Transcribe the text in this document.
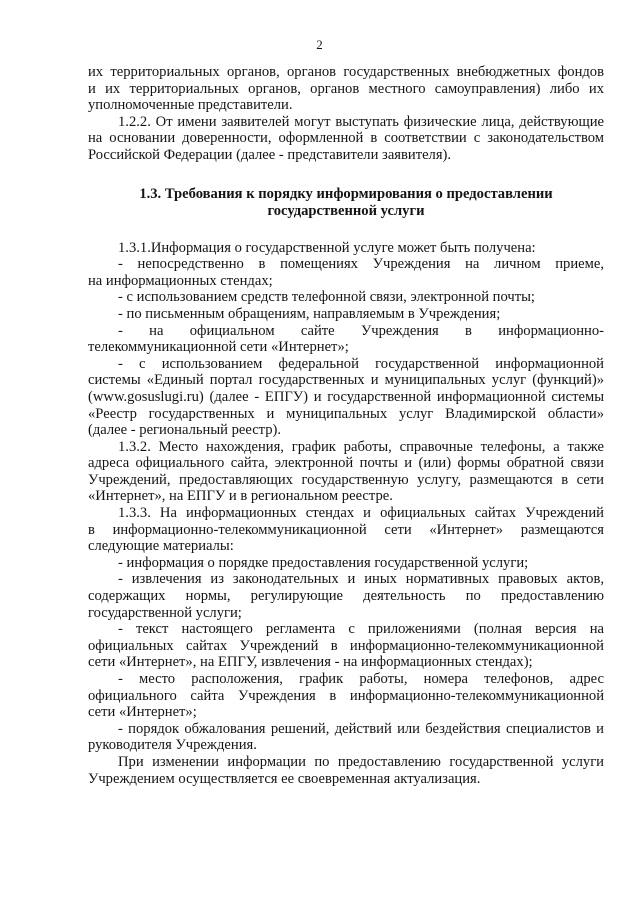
2
их территориальных органов, органов государственных внебюджетных фондов
и их территориальных органов, органов местного самоуправления) либо их
уполномоченные представители.
1.2.2. От имени заявителей могут выступать физические лица, действующие
на основании доверенности, оформленной в соответствии с законодательством
Российской Федерации (далее - представители заявителя).
1.3. Требования к порядку информирования о предоставлении
государственной услуги
1.3.1.Информация о государственной услуге может быть получена:
- непосредственно в помещениях Учреждения на личном приеме,
на информационных стендах;
- с использованием средств телефонной связи, электронной почты;
- по письменным обращениям, направляемым в Учреждения;
- на официальном сайте Учреждения в информационно-
телекоммуникационной сети «Интернет»;
- с использованием федеральной государственной информационной
системы «Единый портал государственных и муниципальных услуг (функций)»
(www.gosuslugi.ru) (далее - ЕПГУ) и государственной информационной системы
«Реестр государственных и муниципальных услуг Владимирской области»
(далее - региональный реестр).
1.3.2. Место нахождения, график работы, справочные телефоны, а также
адреса официального сайта, электронной почты и (или) формы обратной связи
Учреждений, предоставляющих государственную услугу, размещаются в сети
«Интернет», на ЕПГУ и в региональном реестре.
1.3.3. На информационных стендах и официальных сайтах Учреждений
в информационно-телекоммуникационной сети «Интернет» размещаются
следующие материалы:
- информация о порядке предоставления государственной услуги;
- извлечения из законодательных и иных нормативных правовых актов,
содержащих нормы, регулирующие деятельность по предоставлению
государственной услуги;
- текст настоящего регламента с приложениями (полная версия на
официальных сайтах Учреждений в информационно-телекоммуникационной
сети «Интернет», на ЕПГУ, извлечения - на информационных стендах);
- место расположения, график работы, номера телефонов, адрес
официального сайта Учреждения в информационно-телекоммуникационной
сети «Интернет»;
- порядок обжалования решений, действий или бездействия специалистов и
руководителя Учреждения.
При изменении информации по предоставлению государственной услуги
Учреждением осуществляется ее своевременная актуализация.
